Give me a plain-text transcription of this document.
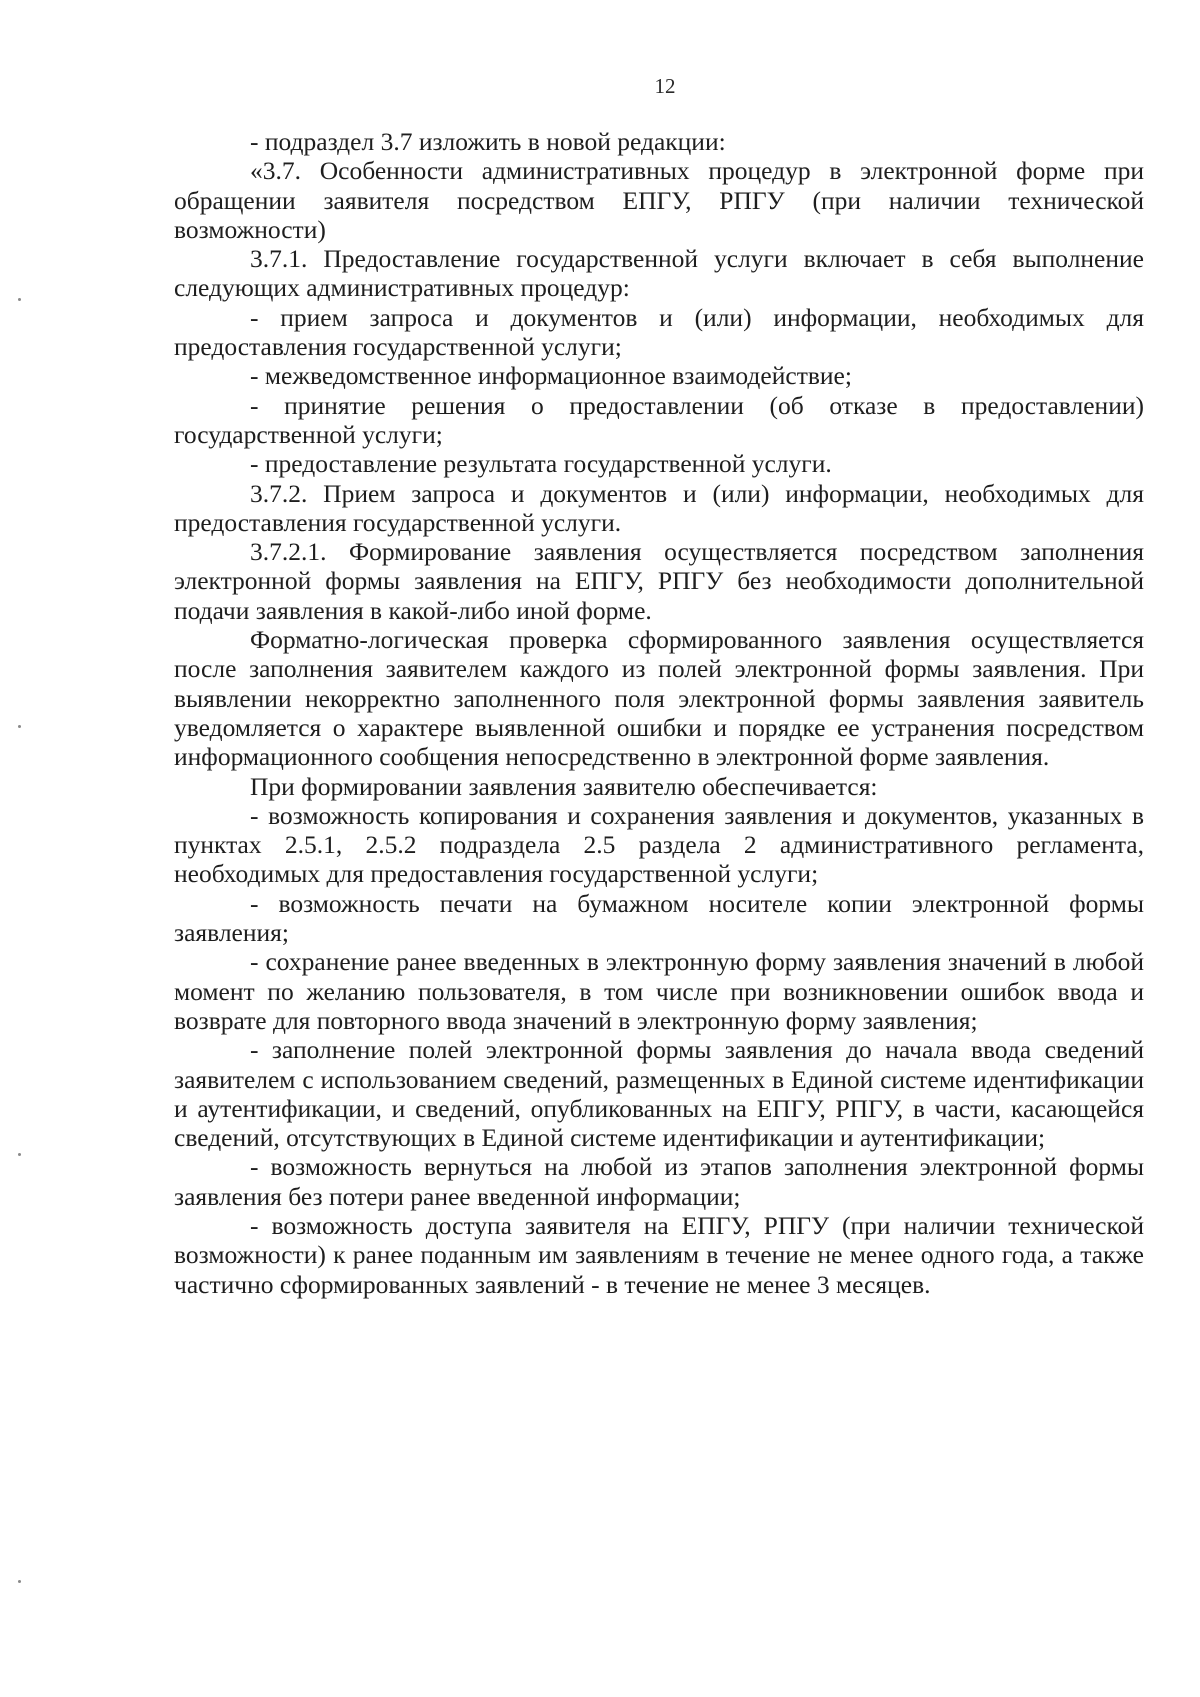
12

- подраздел 3.7 изложить в новой редакции:

«3.7. Особенности административных процедур в электронной форме при обращении заявителя посредством ЕПГУ, РПГУ (при наличии технической возможности)

3.7.1. Предоставление государственной услуги включает в себя выполнение следующих административных процедур:

- прием запроса и документов и (или) информации, необходимых для предоставления государственной услуги;

- межведомственное информационное взаимодействие;

- принятие решения о предоставлении (об отказе в предоставлении) государственной услуги;

- предоставление результата государственной услуги.

3.7.2. Прием запроса и документов и (или) информации, необходимых для предоставления государственной услуги.

3.7.2.1. Формирование заявления осуществляется посредством заполнения электронной формы заявления на ЕПГУ, РПГУ без необходимости дополнительной подачи заявления в какой-либо иной форме.

Форматно-логическая проверка сформированного заявления осуществляется после заполнения заявителем каждого из полей электронной формы заявления. При выявлении некорректно заполненного поля электронной формы заявления заявитель уведомляется о характере выявленной ошибки и порядке ее устранения посредством информационного сообщения непосредственно в электронной форме заявления.

При формировании заявления заявителю обеспечивается:

- возможность копирования и сохранения заявления и документов, указанных в пунктах 2.5.1, 2.5.2 подраздела 2.5 раздела 2 административного регламента, необходимых для предоставления государственной услуги;

- возможность печати на бумажном носителе копии электронной формы заявления;

- сохранение ранее введенных в электронную форму заявления значений в любой момент по желанию пользователя, в том числе при возникновении ошибок ввода и возврате для повторного ввода значений в электронную форму заявления;

- заполнение полей электронной формы заявления до начала ввода сведений заявителем с использованием сведений, размещенных в Единой системе идентификации и аутентификации, и сведений, опубликованных на ЕПГУ, РПГУ, в части, касающейся сведений, отсутствующих в Единой системе идентификации и аутентификации;

- возможность вернуться на любой из этапов заполнения электронной формы заявления без потери ранее введенной информации;

- возможность доступа заявителя на ЕПГУ, РПГУ (при наличии технической возможности) к ранее поданным им заявлениям в течение не менее одного года, а также частично сформированных заявлений - в течение не менее 3 месяцев.
